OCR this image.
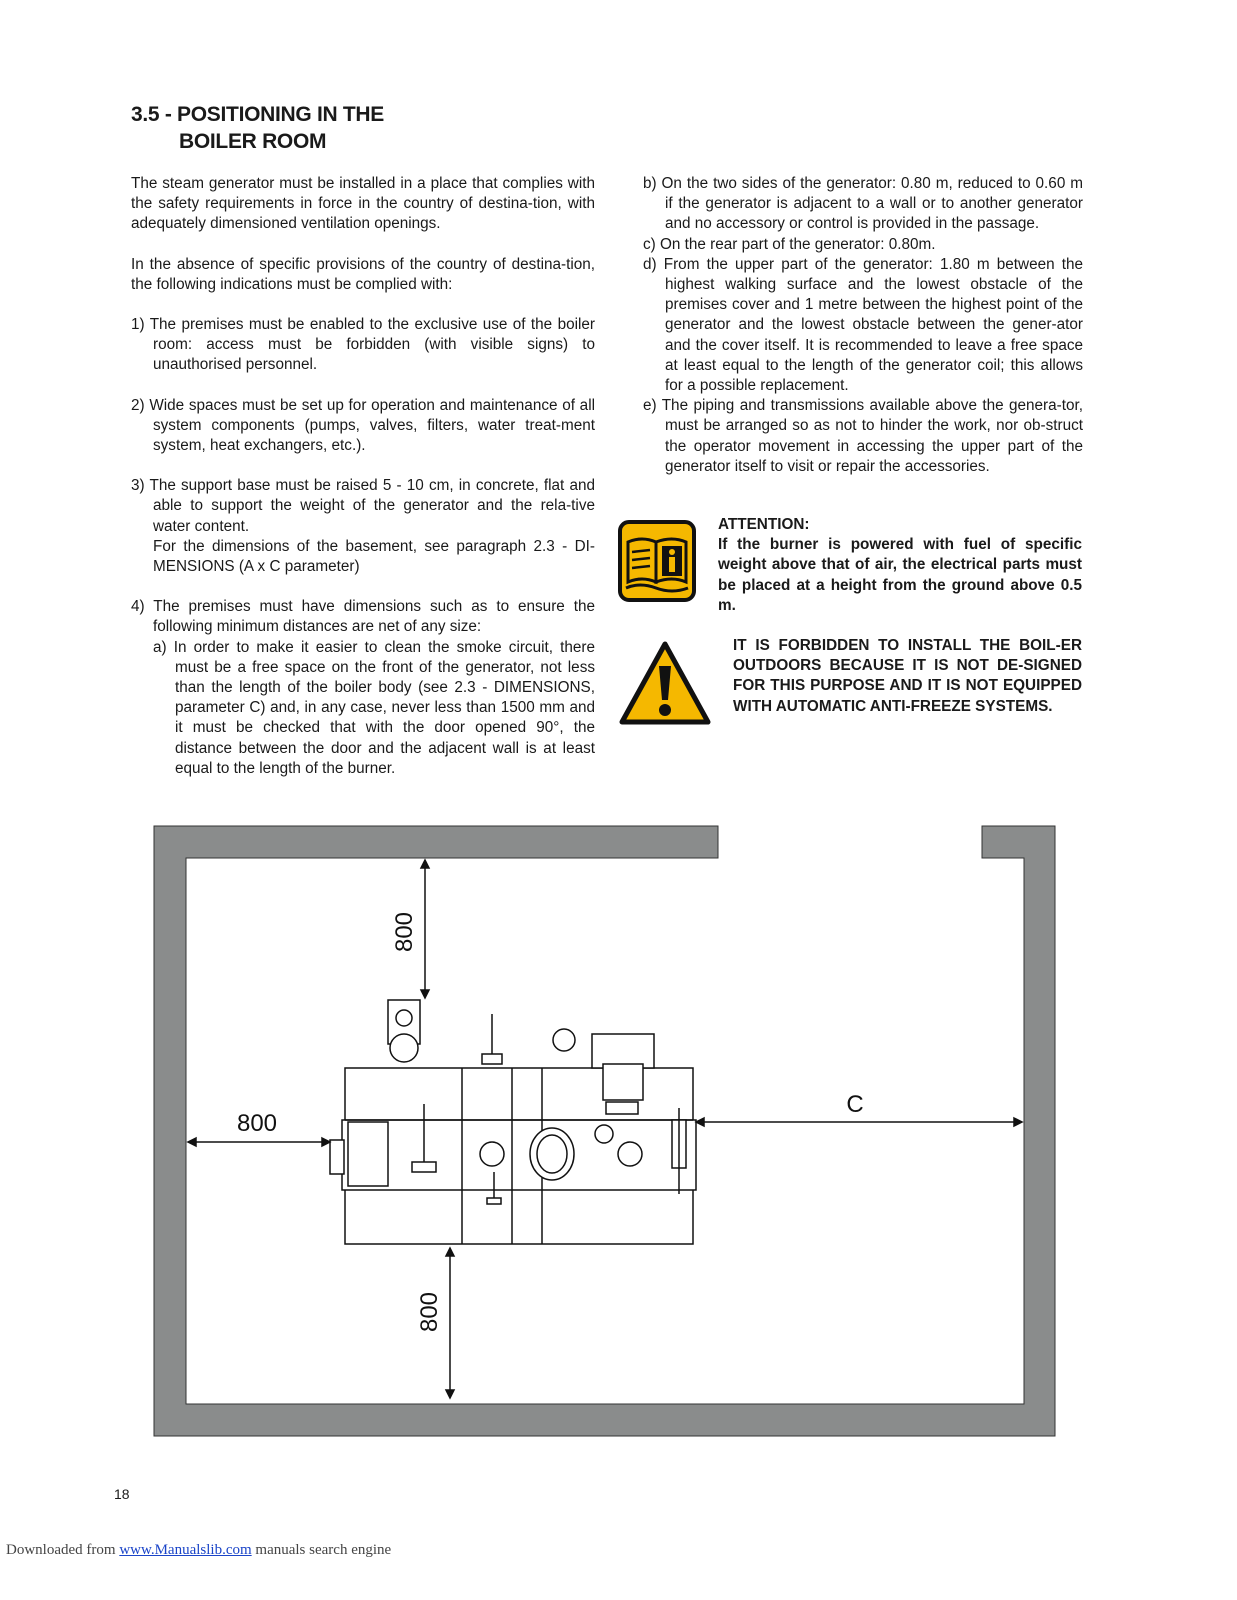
3.5 - POSITIONING IN THE
BOILER ROOM

The steam generator must be installed in a place that complies with the safety requirements in force in the country of destina-tion, with adequately dimensioned ventilation openings.

In the absence of specific provisions of the country of destina-tion, the following indications must be complied with:

1) The premises must be enabled to the exclusive use of the boiler room: access must be forbidden (with visible signs) to unauthorised personnel.

2) Wide spaces must be set up for operation and maintenance of all system components (pumps, valves, filters, water treat-ment system, heat exchangers, etc.).

3) The support base must be raised 5 - 10 cm, in concrete, flat and able to support the weight of the generator and the rela-tive water content.

For the dimensions of the basement, see paragraph 2.3 - DI-MENSIONS (A x C parameter)

4) The premises must have dimensions such as to ensure the following minimum distances are net of any size:

a) In order to make it easier to clean the smoke circuit, there must be a free space on the front of the generator, not less than the length of the boiler body (see 2.3 - DIMENSIONS, parameter C) and, in any case, never less than 1500 mm and it must be checked that with the door opened 90°, the distance between the door and the adjacent wall is at least equal to the length of the burner.

b) On the two sides of the generator: 0.80 m, reduced to 0.60 m if the generator is adjacent to a wall or to another generator and no accessory or control is provided in the passage.

c) On the rear part of the generator: 0.80m.

d) From the upper part of the generator: 1.80 m between the highest walking surface and the lowest obstacle of the premises cover and 1 metre between the highest point of the generator and the lowest obstacle between the gener-ator and the cover itself. It is recommended to leave a free space at least equal to the length of the generator coil; this allows for a possible replacement.

e) The piping and transmissions available above the genera-tor, must be arranged so as not to hinder the work, nor ob-struct the operator movement in accessing the upper part of the generator itself to visit or repair the accessories.

ATTENTION:
If the burner is powered with fuel of specific weight above that of air, the electrical parts must be placed at a height from the ground above 0.5 m.
IT IS FORBIDDEN TO INSTALL THE BOIL-ER OUTDOORS BECAUSE IT IS NOT DE-SIGNED FOR THIS PURPOSE AND IT IS NOT EQUIPPED WITH AUTOMATIC ANTI-FREEZE SYSTEMS.
800
800
800
C
18
Downloaded from www.Manualslib.com manuals search engine
